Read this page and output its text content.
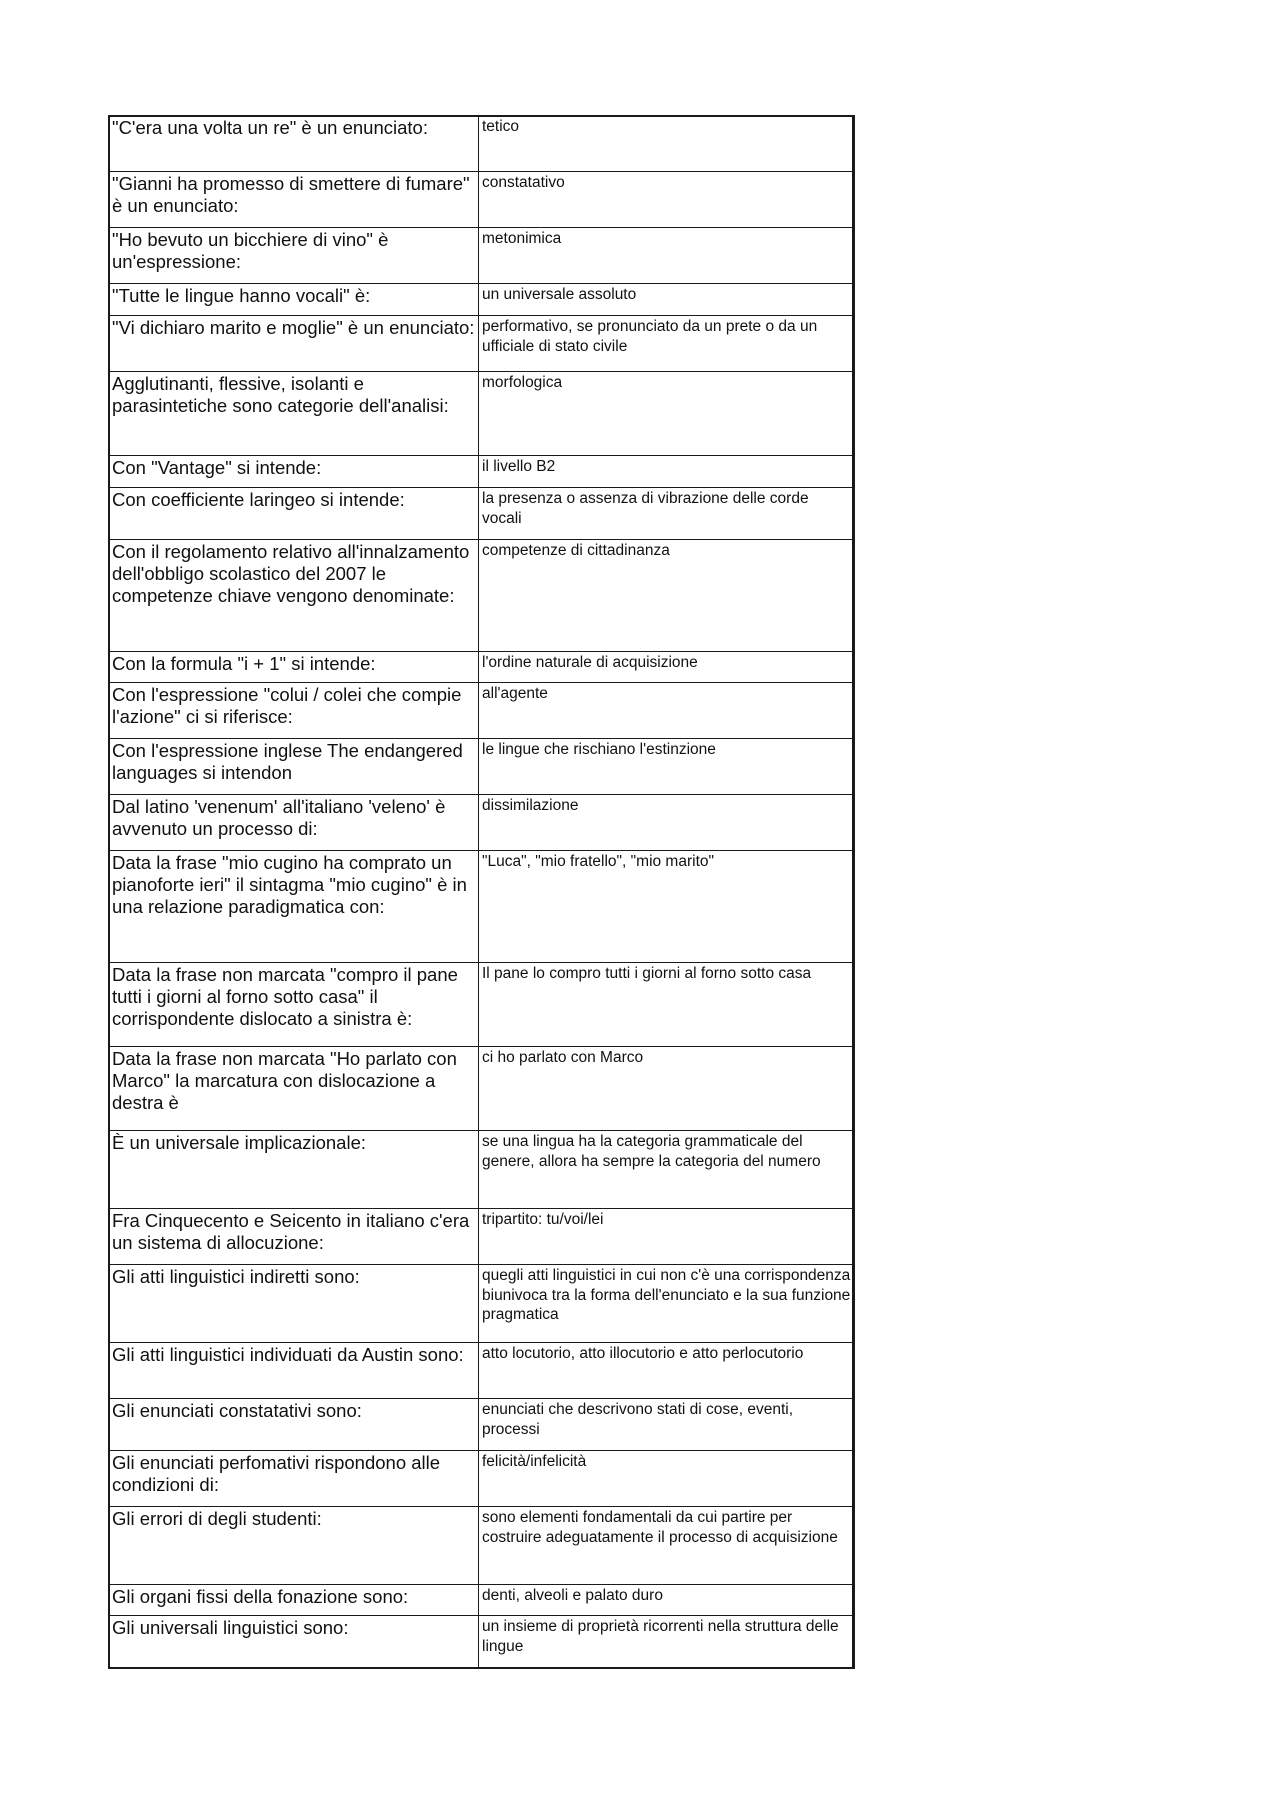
"C'era una volta un re" è un enunciato:	tetico
"Gianni ha promesso di smettere di fumare" è un enunciato:	constatativo
"Ho bevuto un bicchiere di vino" è un'espressione:	metonimica
"Tutte le lingue hanno vocali" è:	un universale assoluto
"Vi dichiaro marito e moglie" è un enunciato:	performativo, se pronunciato da un prete o da un ufficiale di stato civile
Agglutinanti, flessive, isolanti e parasintetiche sono categorie dell'analisi:	morfologica
Con "Vantage" si intende:	il livello B2
Con coefficiente laringeo si intende:	la presenza o assenza di vibrazione delle corde vocali
Con il regolamento relativo all'innalzamento dell'obbligo scolastico del 2007 le competenze chiave vengono denominate:	competenze di cittadinanza
Con la formula "i + 1" si intende:	l'ordine naturale di acquisizione
Con l'espressione "colui / colei che compie l'azione" ci si riferisce:	all'agente
Con l'espressione inglese The endangered languages si intendon	le lingue che rischiano l'estinzione
Dal latino 'venenum' all'italiano 'veleno' è avvenuto un processo di:	dissimilazione
Data la frase "mio cugino ha comprato un pianoforte ieri" il sintagma "mio cugino" è in una relazione paradigmatica con:	"Luca", "mio fratello", "mio marito"
Data la frase non marcata "compro il pane tutti i giorni al forno sotto casa" il corrispondente dislocato a sinistra è:	Il pane lo compro tutti i giorni al forno sotto casa
Data la frase non marcata "Ho parlato con Marco" la marcatura con dislocazione a destra è	ci ho parlato con Marco
È un universale implicazionale:	se una lingua ha la categoria grammaticale del genere, allora ha sempre la categoria del numero
Fra Cinquecento e Seicento in italiano c'era un sistema di allocuzione:	tripartito: tu/voi/lei
Gli atti linguistici indiretti sono:	quegli atti linguistici in cui non c'è una corrispondenza biunivoca tra la forma dell'enunciato e la sua funzione pragmatica
Gli atti linguistici individuati da Austin sono:	atto locutorio, atto illocutorio e atto perlocutorio
Gli enunciati constatativi sono:	enunciati che descrivono stati di cose, eventi, processi
Gli enunciati perfomativi rispondono alle condizioni di:	felicità/infelicità
Gli errori di degli studenti:	sono elementi fondamentali da cui partire per costruire adeguatamente il processo di acquisizione
Gli organi fissi della fonazione sono:	denti, alveoli e palato duro
Gli universali linguistici sono:	un insieme di proprietà ricorrenti nella struttura delle lingue
